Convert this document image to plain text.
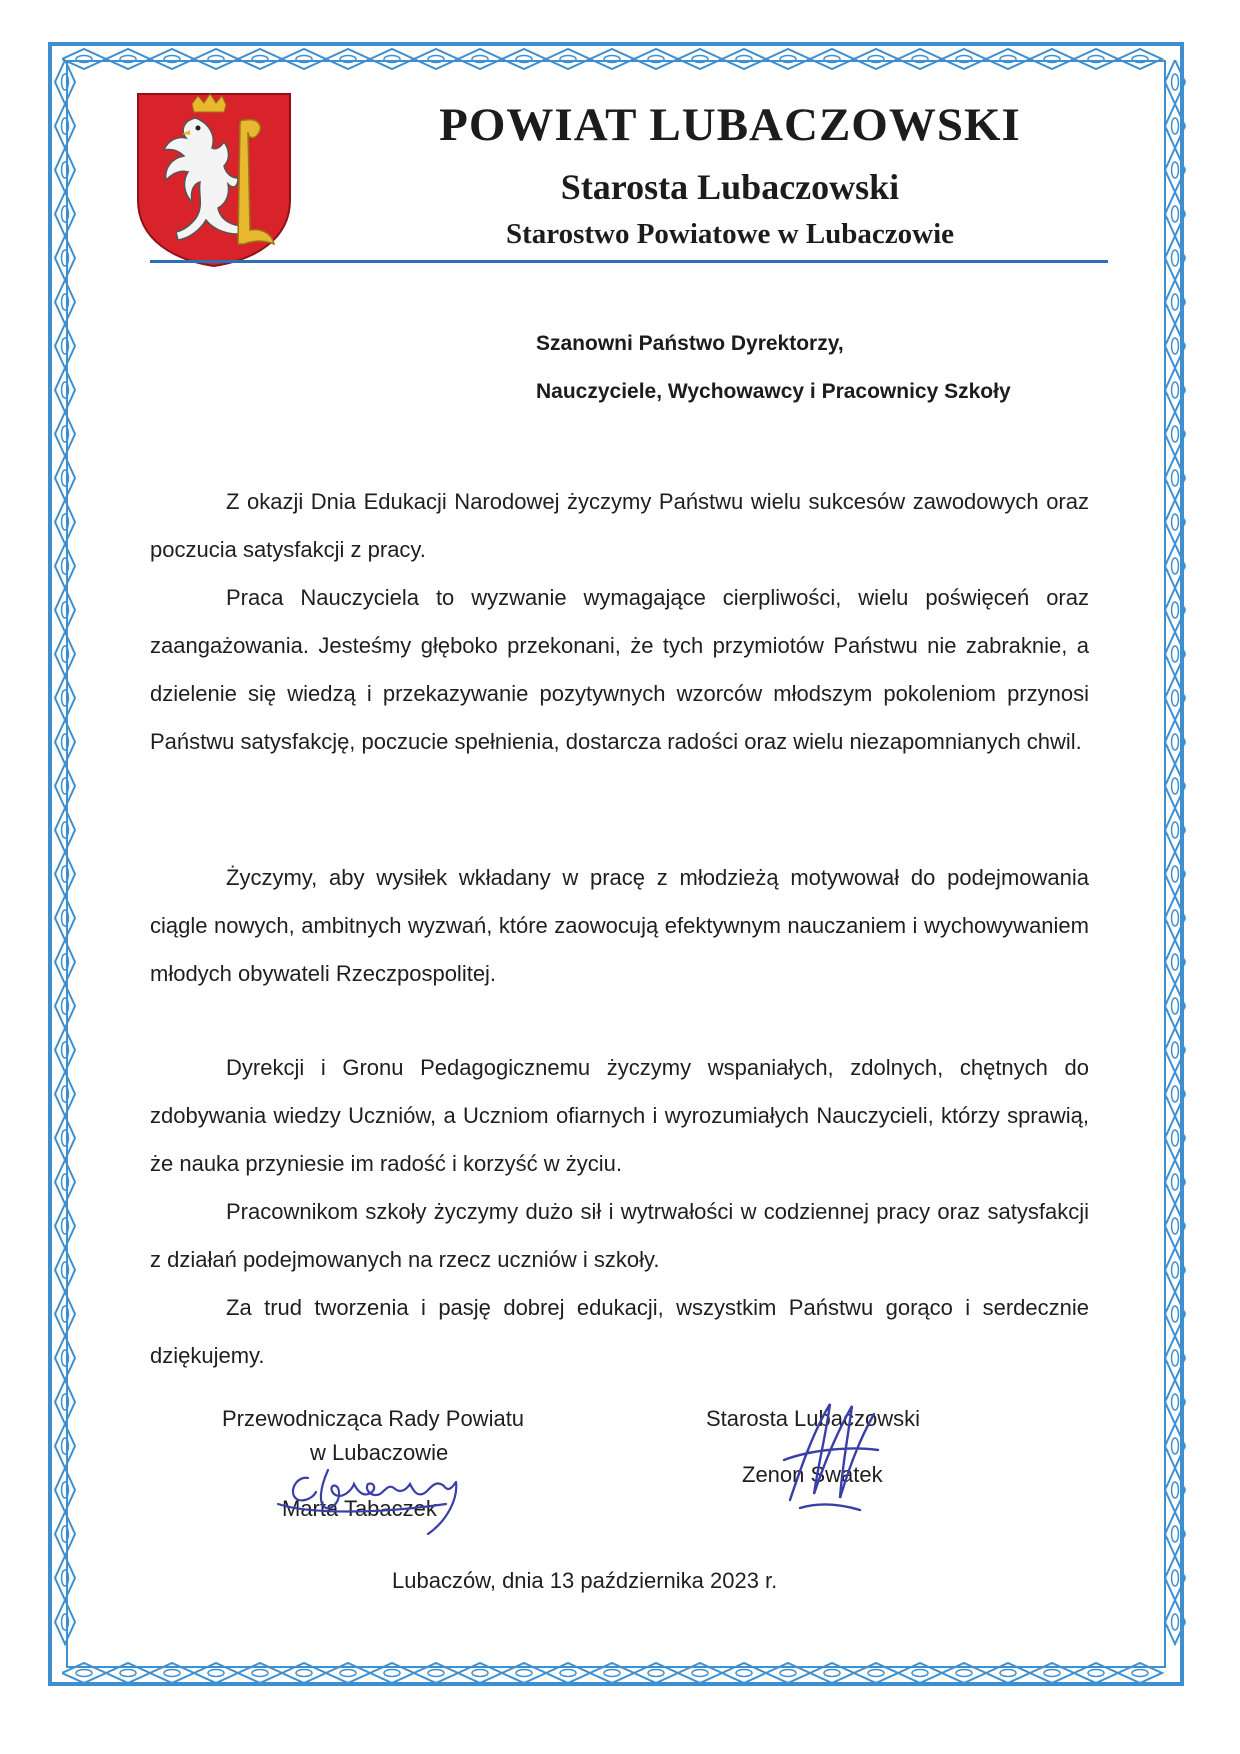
POWIAT LUBACZOWSKI
Starosta Lubaczowski
Starostwo Powiatowe w Lubaczowie
Szanowni Państwo Dyrektorzy,
Nauczyciele, Wychowawcy i Pracownicy Szkoły

Z okazji Dnia Edukacji Narodowej życzymy Państwu wielu sukcesów zawodowych oraz poczucia satysfakcji z pracy.

Praca Nauczyciela to wyzwanie wymagające cierpliwości, wielu poświęceń oraz zaangażowania. Jesteśmy głęboko przekonani, że tych przymiotów Państwu nie zabraknie, a dzielenie się wiedzą i przekazywanie pozytywnych wzorców młodszym pokoleniom przynosi Państwu satysfakcję, poczucie spełnienia, dostarcza radości oraz wielu niezapomnianych chwil.

Życzymy, aby wysiłek wkładany w pracę z młodzieżą motywował do podejmowania ciągle nowych, ambitnych wyzwań, które zaowocują efektywnym nauczaniem i wychowywaniem młodych obywateli Rzeczpospolitej.

Dyrekcji i Gronu Pedagogicznemu życzymy wspaniałych, zdolnych, chętnych do zdobywania wiedzy Uczniów, a Uczniom ofiarnych i wyrozumiałych Nauczycieli, którzy sprawią, że nauka przyniesie im radość i korzyść w życiu.

Pracownikom szkoły życzymy dużo sił i wytrwałości w codziennej pracy oraz satysfakcji z działań podejmowanych na rzecz uczniów i szkoły.

Za trud tworzenia i pasję dobrej edukacji, wszystkim Państwu gorąco i serdecznie dziękujemy.

Przewodnicząca Rady Powiatu
w Lubaczowie
Marta Tabaczek
Starosta Lubaczowski
Zenon Swatek
Lubaczów, dnia 13 października 2023 r.
